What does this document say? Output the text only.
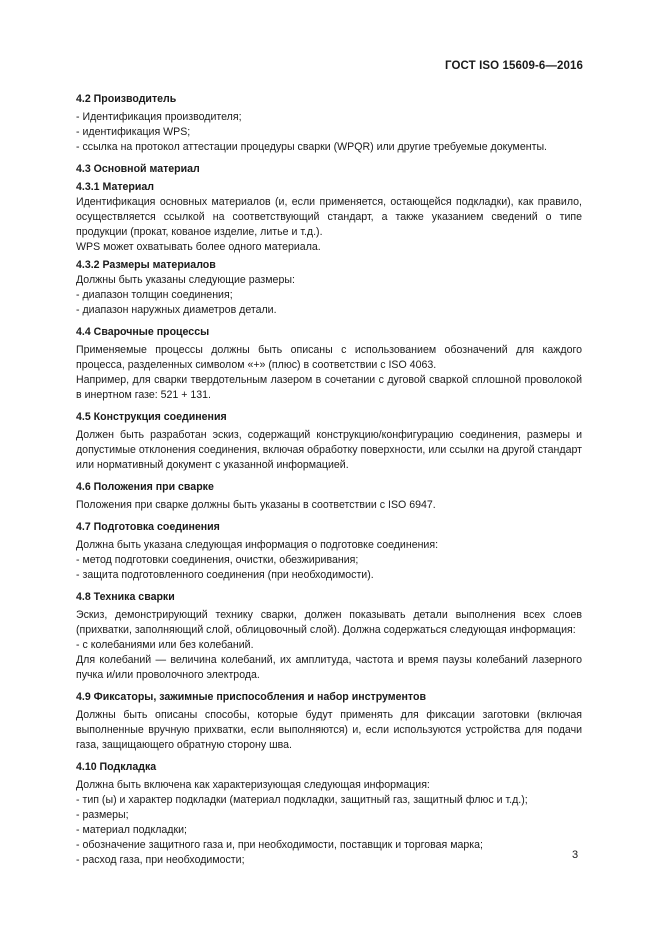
ГОСТ ISO 15609-6—2016
4.2 Производитель
- Идентификация производителя;
- идентификация WPS;
- ссылка на протокол аттестации процедуры сварки (WPQR) или другие требуемые документы.
4.3 Основной материал
4.3.1 Материал
Идентификация основных материалов (и, если применяется, остающейся подкладки), как правило, осуществляется ссылкой на соответствующий стандарт, а также указанием сведений о типе продукции (прокат, кованое изделие, литье и т.д.).
WPS может охватывать более одного материала.
4.3.2 Размеры материалов
Должны быть указаны следующие размеры:
- диапазон толщин соединения;
- диапазон наружных диаметров детали.
4.4 Сварочные процессы
Применяемые процессы должны быть описаны с использованием обозначений для каждого процесса, разделенных символом «+» (плюс) в соответствии с ISO 4063.
Например, для сварки твердотельным лазером в сочетании с дуговой сваркой сплошной проволокой в инертном газе: 521 + 131.
4.5 Конструкция соединения
Должен быть разработан эскиз, содержащий конструкцию/конфигурацию соединения, размеры и допустимые отклонения соединения, включая обработку поверхности, или ссылки на другой стандарт или нормативный документ с указанной информацией.
4.6 Положения при сварке
Положения при сварке должны быть указаны в соответствии с ISO 6947.
4.7 Подготовка соединения
Должна быть указана следующая информация о подготовке соединения:
- метод подготовки соединения, очистки, обезжиривания;
- защита подготовленного соединения (при необходимости).
4.8 Техника сварки
Эскиз, демонстрирующий технику сварки, должен показывать детали выполнения всех слоев (прихватки, заполняющий слой, облицовочный слой). Должна содержаться следующая информация:
- с колебаниями или без колебаний.
Для колебаний — величина колебаний, их амплитуда, частота и время паузы колебаний лазерного пучка и/или проволочного электрода.
4.9 Фиксаторы, зажимные приспособления и набор инструментов
Должны быть описаны способы, которые будут применять для фиксации заготовки (включая выполненные вручную прихватки, если выполняются) и, если используются устройства для подачи газа, защищающего обратную сторону шва.
4.10 Подкладка
Должна быть включена как характеризующая следующая информация:
- тип (ы) и характер подкладки (материал подкладки, защитный газ, защитный флюс и т.д.);
- размеры;
- материал подкладки;
- обозначение защитного газа и, при необходимости, поставщик и торговая марка;
- расход газа, при необходимости;	3
